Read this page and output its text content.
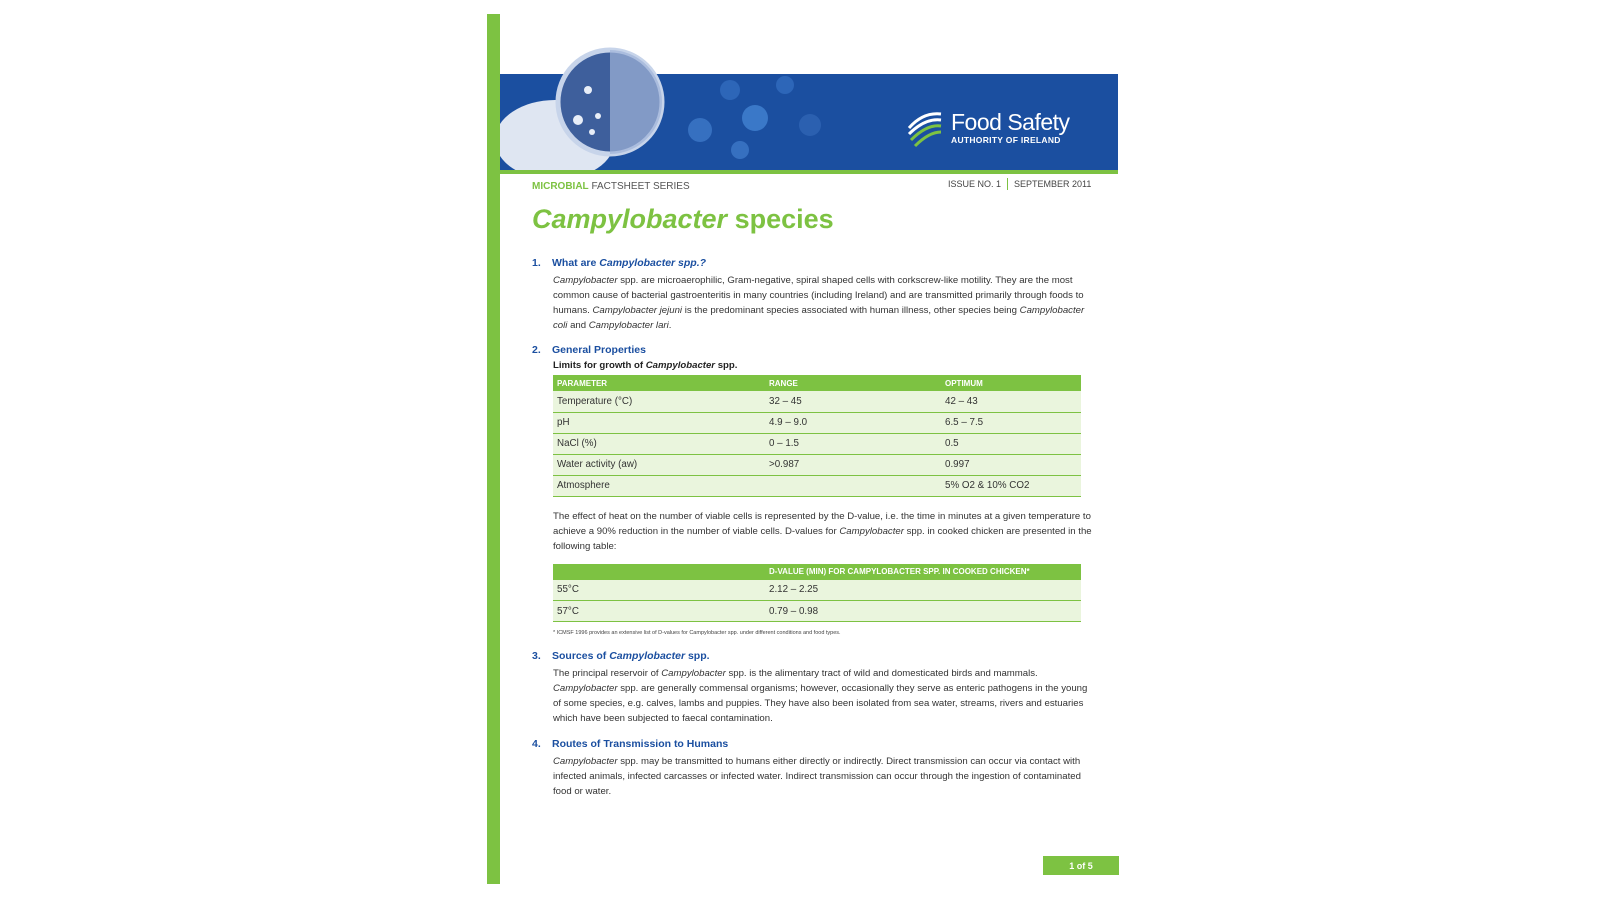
Food Safety
AUTHORITY OF IRELAND
MICROBIAL FACTSHEET SERIES	ISSUE NO. 1 SEPTEMBER 2011
Campylobacter species
1. What are Campylobacter spp.?

Campylobacter spp. are microaerophilic, Gram-negative, spiral shaped cells with corkscrew-like motility. They are the most common cause of bacterial gastroenteritis in many countries (including Ireland) and are transmitted primarily through foods to humans. Campylobacter jejuni is the predominant species associated with human illness, other species being Campylobacter coli and Campylobacter lari.

2. General Properties
Limits for growth of Campylobacter spp.
PARAMETER	RANGE	OPTIMUM
Temperature (°C)	32 – 45	42 – 43
pH	4.9 – 9.0	6.5 – 7.5
NaCl (%)	0 – 1.5	0.5
Water activity (aw)	>0.987	0.997
Atmosphere		5% O2 & 10% CO2

The effect of heat on the number of viable cells is represented by the D-value, i.e. the time in minutes at a given temperature to achieve a 90% reduction in the number of viable cells. D-values for Campylobacter spp. in cooked chicken are presented in the following table:

	D-VALUE (MIN) FOR CAMPYLOBACTER SPP. IN COOKED CHICKEN*
55°C	2.12 – 2.25
57°C	0.79 – 0.98

* ICMSF 1996 provides an extensive list of D-values for Campylobacter spp. under different conditions and food types.

3. Sources of Campylobacter spp.

The principal reservoir of Campylobacter spp. is the alimentary tract of wild and domesticated birds and mammals. Campylobacter spp. are generally commensal organisms; however, occasionally they serve as enteric pathogens in the young of some species, e.g. calves, lambs and puppies. They have also been isolated from sea water, streams, rivers and estuaries which have been subjected to faecal contamination.

4. Routes of Transmission to Humans

Campylobacter spp. may be transmitted to humans either directly or indirectly. Direct transmission can occur via contact with infected animals, infected carcasses or infected water. Indirect transmission can occur through the ingestion of contaminated food or water.

1 of 5
